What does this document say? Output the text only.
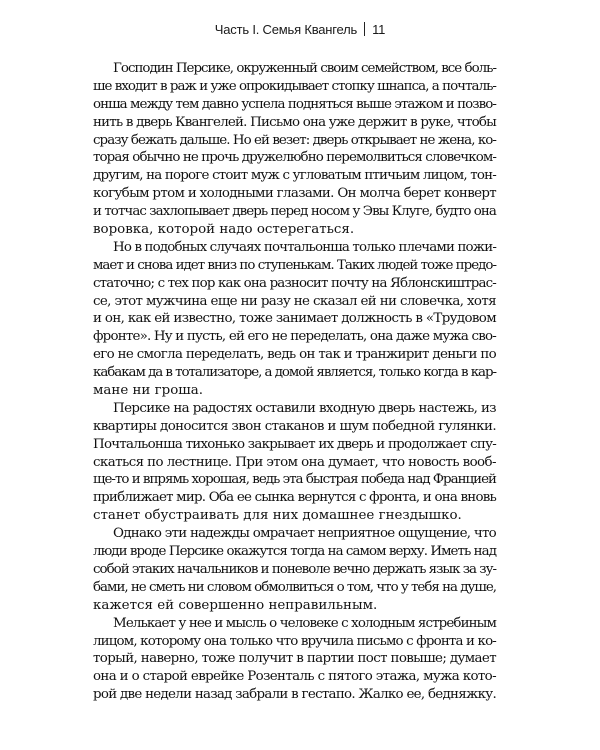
Часть I. Семья Квангель 11
Господин Персике, окруженный своим семейством, все боль-
ше входит в раж и уже опрокидывает стопку шнапса, а почталь-
онша между тем давно успела подняться выше этажом и позво-
нить в дверь Квангелей. Письмо она уже держит в руке, чтобы
сразу бежать дальше. Но ей везет: дверь открывает не жена, ко-
торая обычно не прочь дружелюбно перемолвиться словечком-
другим, на пороге стоит муж с угловатым птичьим лицом, тон-
когубым ртом и холодными глазами. Он молча берет конверт
и тотчас захлопывает дверь перед носом у Эвы Клуге, будто она
воровка, которой надо остерегаться.
Но в подобных случаях почтальонша только плечами пожи-
мает и снова идет вниз по ступенькам. Таких людей тоже предо-
статочно; с тех пор как она разносит почту на Яблонскиштрас-
се, этот мужчина еще ни разу не сказал ей ни словечка, хотя
и он, как ей известно, тоже занимает должность в «Трудовом
фронте». Ну и пусть, ей его не переделать, она даже мужа сво-
его не смогла переделать, ведь он так и транжирит деньги по
кабакам да в тотализаторе, а домой является, только когда в кар-
мане ни гроша.
Персике на радостях оставили входную дверь настежь, из
квартиры доносится звон стаканов и шум победной гулянки.
Почтальонша тихонько закрывает их дверь и продолжает спу-
скаться по лестнице. При этом она думает, что новость вооб-
ще-то и впрямь хорошая, ведь эта быстрая победа над Францией
приближает мир. Оба ее сынка вернутся с фронта, и она вновь
станет обустраивать для них домашнее гнездышко.
Однако эти надежды омрачает неприятное ощущение, что
люди вроде Персике окажутся тогда на самом верху. Иметь над
собой этаких начальников и поневоле вечно держать язык за зу-
бами, не сметь ни словом обмолвиться о том, что у тебя на душе,
кажется ей совершенно неправильным.
Мелькает у нее и мысль о человеке с холодным ястребиным
лицом, которому она только что вручила письмо с фронта и ко-
торый, наверно, тоже получит в партии пост повыше; думает
она и о старой еврейке Розенталь с пятого этажа, мужа кото-
рой две недели назад забрали в гестапо. Жалко ее, бедняжку.
